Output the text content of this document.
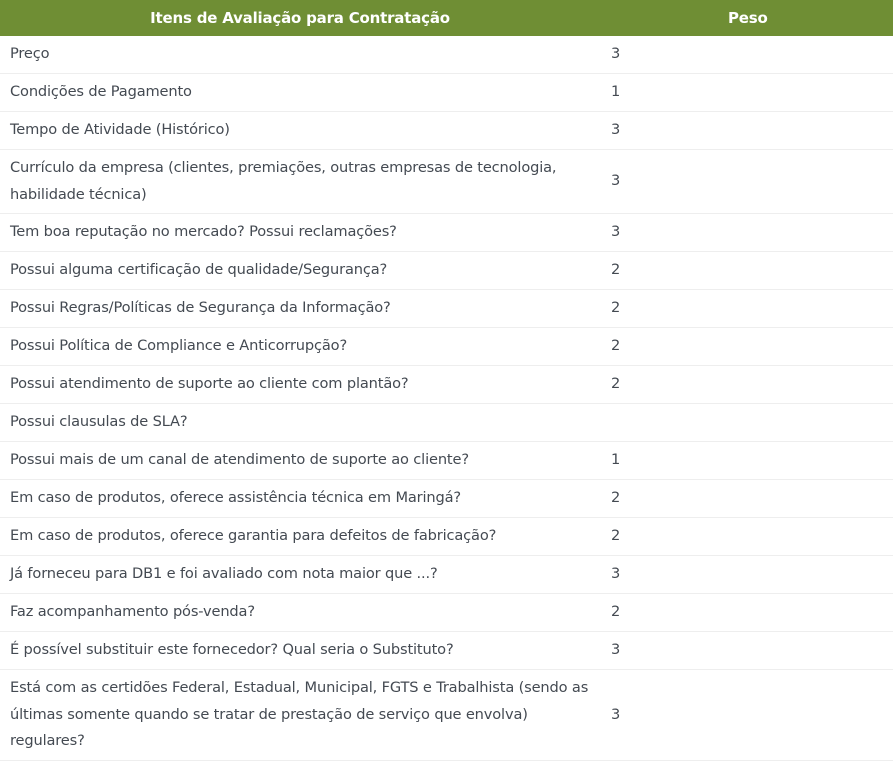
Itens de Avaliação para Contratação	Peso
Preço	3
Condições de Pagamento	1
Tempo de Atividade (Histórico)	3
Currículo da empresa (clientes, premiações, outras empresas de tecnologia, habilidade técnica)	3
Tem boa reputação no mercado? Possui reclamações?	3
Possui alguma certificação de qualidade/Segurança?	2
Possui Regras/Políticas de Segurança da Informação?	2
Possui Política de Compliance e Anticorrupção?	2
Possui atendimento de suporte ao cliente com plantão?	2
Possui clausulas de SLA?	
Possui mais de um canal de atendimento de suporte ao cliente?	1
Em caso de produtos, oferece assistência técnica em Maringá?	2
Em caso de produtos, oferece garantia para defeitos de fabricação?	2
Já forneceu para DB1 e foi avaliado com nota maior que ...?	3
Faz acompanhamento pós-venda?	2
É possível substituir este fornecedor? Qual seria o Substituto?	3
Está com as certidões Federal, Estadual, Municipal, FGTS e Trabalhista (sendo as últimas somente quando se tratar de prestação de serviço que envolva) regulares?	3
